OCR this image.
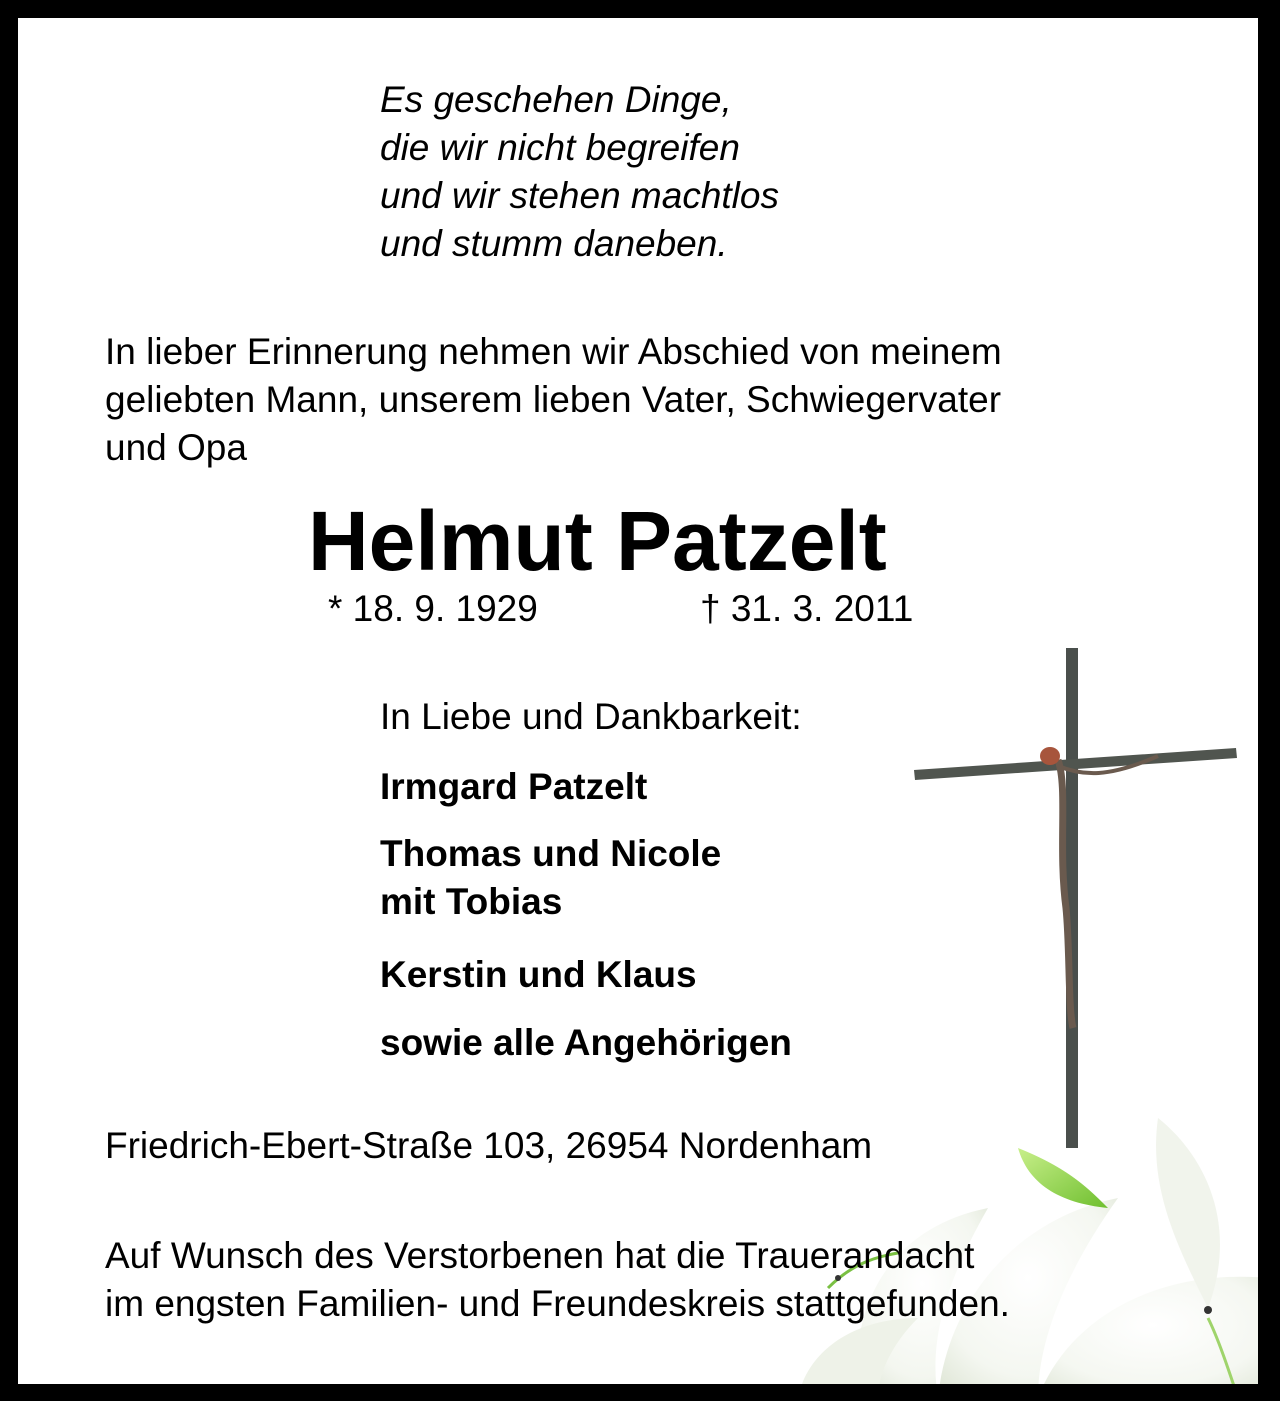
Es geschehen Dinge,
die wir nicht begreifen
und wir stehen machtlos
und stumm daneben.
In lieber Erinnerung nehmen wir Abschied von meinem
geliebten Mann, unserem lieben Vater, Schwiegervater
und Opa
Helmut Patzelt
* 18. 9. 1929	† 31. 3. 2011
In Liebe und Dankbarkeit:
Irmgard Patzelt
Thomas und Nicole
mit Tobias
Kerstin und Klaus
sowie alle Angehörigen
Friedrich-Ebert-Straße 103, 26954 Nordenham
Auf Wunsch des Verstorbenen hat die Trauerandacht
im engsten Familien- und Freundeskreis stattgefunden.
